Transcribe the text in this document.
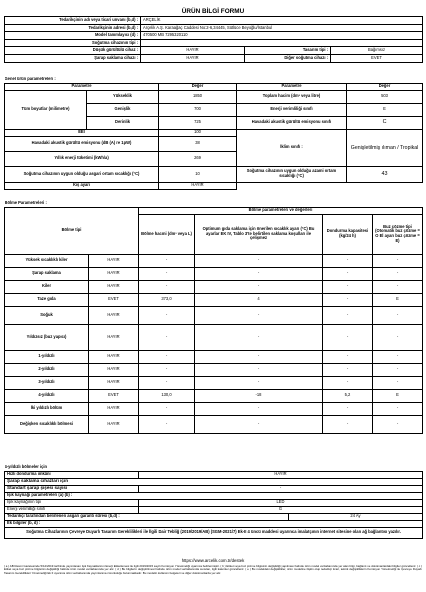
ÜRÜN BİLGİ FORMU
Tedarikçinin adı veya ticari unvanı (b,d) :	ARÇELİK		
Tedarikçinin adresi (b,d) :	Arçelik A.Ş. Karaağaç Caddesi No:2-6,34445, Sütlüce Beyoğlu/İstanbul		
Model tanımlayıcı (d) :	470500 MB 7295320110		
Soğutma cihazının tipi :			
Düşük gürültülü cihaz :	HAYIR	Tasarım tipi :	Bağımsız
Şarap saklama cihazı :	HAYIR	Diğer soğutma cihazı :	EVET
Genel ürün parametreleri :				
Parametre		Değer	Parametre	Değer
Tüm boyutlar (milimetre)	Yükseklik	1850	Toplam hacim (dm³ veya litre)	503
	Genişlik	700	Enerji verimliliği sınıfı	E
	Derinlik	725	Havadaki akustik gürültü emisyonu sınıfı	C
EEI		100	İklim sınıfı :	Genişletilmiş ılıman / Tropikal
Havadaki akustik gürültü emisyonu (dB (A) re 1pW)		38		
Yıllık enerji tüketimi (kWh/a)		269		
Soğutma cihazının uygun olduğu asgari ortam sıcaklığı (°C)		10	Soğutma cihazının uygun olduğu azami ortam sıcaklığı (°C)	43
Kış ayarı		HAYIR		
Bölme Parametreleri :					
Bölme tipi		Bölme parametreleri ve değerleri			
		Bölme hacmi (dm³ veya L)	Optimum gıda saklama için önerilen sıcaklık ayarı (°C) Bu ayarlar EK IV, Tablo 3'te belirtilen saklama koşulları ile çelişmez	Dondurma kapasitesi (kg/24 h)	Buz çözme tipi (Otomatik buz çözme = O El ayarı buz çözme = E)
Yüksek sıcaklıklı kiler	HAYIR	-	-	-	-
Şarap saklama	HAYIR	-	-	-	-
Kiler	HAYIR	-	-	-	-
Taze gıda	EVET	373,0	4	-	E
Soğuk	HAYIR	-	-	-	-
Yıldızsız (buz yapıcı)	HAYIR	-	-	-	-
1-yıldızlı	HAYIR	-	-	-	-
2-yıldızlı	HAYIR	-	-	-	-
3-yıldızlı	HAYIR	-	-	-	-
4-yıldızlı	EVET	130,0	-18	5,2	E
İki yıldızlı bölüm	HAYIR	-	-	-	-
Değişken sıcaklıklı bölmesi	HAYIR	-	-	-	-
4-yıldızlı bölmeler için		
Hızlı dondurma imkânı	HAYIR	
Şarap saklama cihazları için		
Standart şarap şişesi sayısı	-	
Işık kaynağı parametreleri (a) (b) :		
Işık kaynağının tipi	LED	
Enerji verimliliği sınıfı	G	
Tedarikçi tarafından belirlenen asgari garanti süresi (b,d) :		24 Ay
Ek bilgiler (b, d) :		
Soğutma Cihazlarının Çevreye Duyarlı Tasarım Gereklilikleri ile İlgili Dair Tebliğ (2019/2019/AB) (SGM-2021/7) Ek-II 4 üncü maddesi uyarınca imalatçının internet sitesine olan ağ bağlantısı yazılır.		
https://www.arcelik.com.tr/destek
( a ) AB Resmi Gazetesinde 5/12/2019 tarihinde yayımlanan Işık Kaynaklarının Enerji Etiketlemesi ile ilgili 2019/2015 sayılı Komisyon Yönetmeliği uyarınca belirlenmiştir. ( b ) Etiket veya buz çözme bilgisinin değişikliği yapılması halinde ürün model veritabanında yer alan bilgi, bağlantı ve dokümanlardaki bilgiler güncellenir. ( c ) Etiket veya buz çözme bilgisinin değişikliği halinde ürün model veritabanında yer alır. ( d ) Bu bilgilerin değiştirilmesi halinde ürün model veritabanında sunulan, ilgili kalemler güncellenir. ( e ) Bu modeldeki değişiklikler, ürün modeline ilişkin olup tedarikçi ticari, teknik değişikliklerin Komisyon Yönetmeliği ile Çevreye Duyarlı Tasarım Gereklilikleri Yönetmeliği Ek II uyarınca ürün veritabanında yayımlanma zorunluluğu bulunmaktadır. Bu modelin kullanım belgeleri ve diğer dokümanlarda yer alır.
